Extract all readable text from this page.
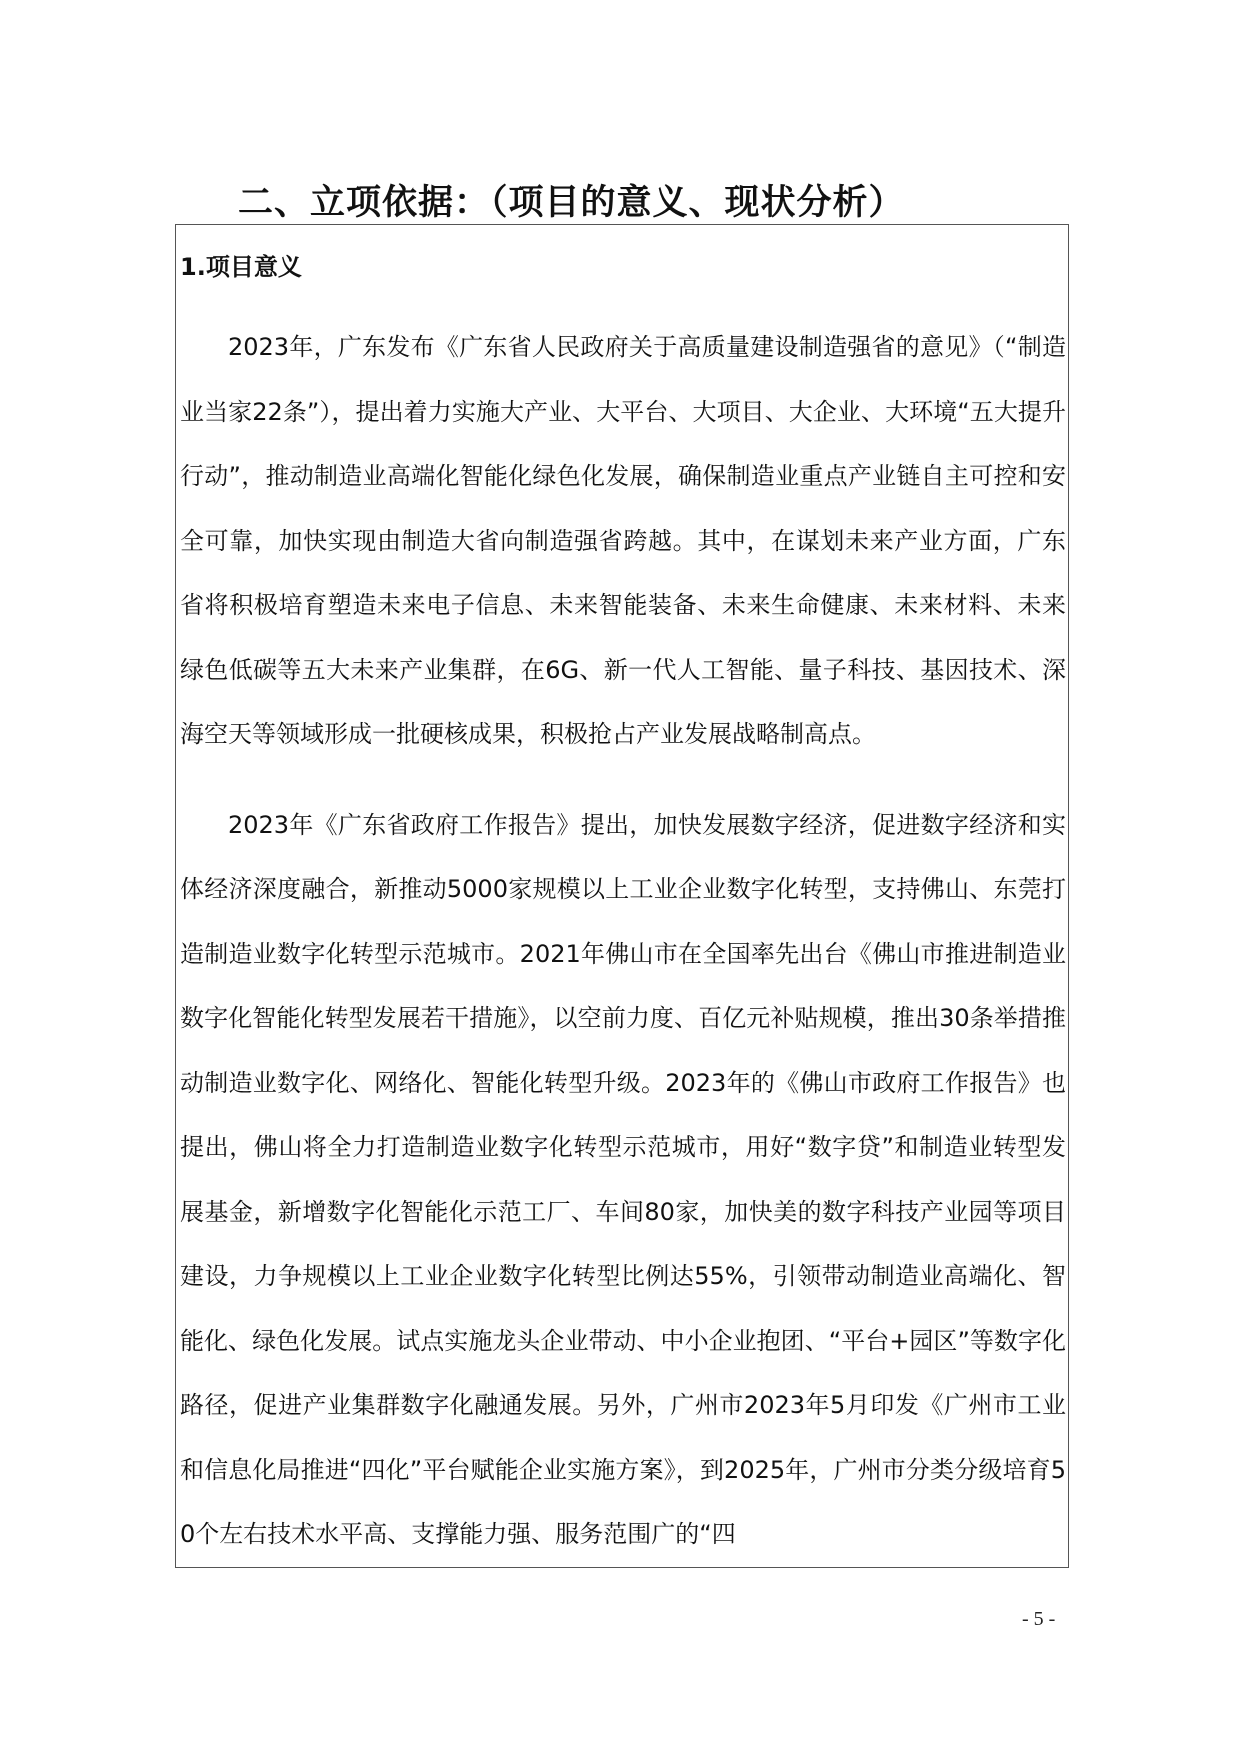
二、立项依据：（项目的意义、现状分析）
1.项目意义

2023年，广东发布《广东省人民政府关于高质量建设制造强省的意见》（“制造业当家22条”），提出着力实施大产业、大平台、大项目、大企业、大环境“五大提升行动”，推动制造业高端化智能化绿色化发展，确保制造业重点产业链自主可控和安全可靠，加快实现由制造大省向制造强省跨越。其中，在谋划未来产业方面，广东省将积极培育塑造未来电子信息、未来智能装备、未来生命健康、未来材料、未来绿色低碳等五大未来产业集群，在6G、新一代人工智能、量子科技、基因技术、深海空天等领域形成一批硬核成果，积极抢占产业发展战略制高点。

2023年《广东省政府工作报告》提出，加快发展数字经济，促进数字经济和实体经济深度融合，新推动5000家规模以上工业企业数字化转型，支持佛山、东莞打造制造业数字化转型示范城市。2021年佛山市在全国率先出台《佛山市推进制造业数字化智能化转型发展若干措施》，以空前力度、百亿元补贴规模，推出30条举措推动制造业数字化、网络化、智能化转型升级。2023年的《佛山市政府工作报告》也提出，佛山将全力打造制造业数字化转型示范城市，用好“数字贷”和制造业转型发展基金，新增数字化智能化示范工厂、车间80家，加快美的数字科技产业园等项目建设，力争规模以上工业企业数字化转型比例达55%，引领带动制造业高端化、智能化、绿色化发展。试点实施龙头企业带动、中小企业抱团、“平台+园区”等数字化路径，促进产业集群数字化融通发展。另外，广州市2023年5月印发《广州市工业和信息化局推进“四化”平台赋能企业实施方案》，到2025年，广州市分类分级培育50个左右技术水平高、支撑能力强、服务范围广的“四

- 5 -
